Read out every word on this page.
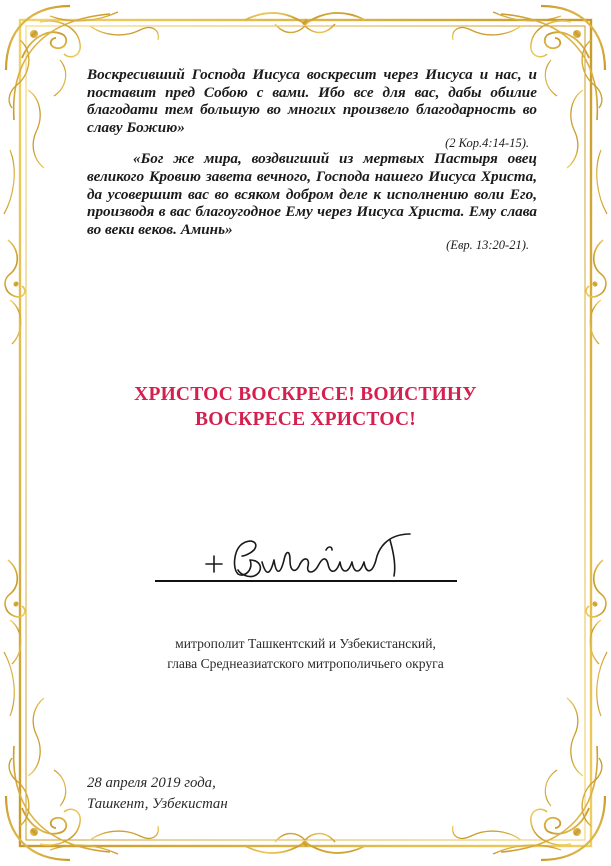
Воскресивший Господа Иисуса воскресит через Иисуса и нас, и поставит пред Собою с вами. Ибо все для вас, дабы обилие благодати тем большую во многих произвело благодарность во славу Божию»
(2 Кор.4:14-15).

«Бог же мира, воздвигший из мертвых Пастыря овец великого Кровию завета вечного, Господа нашего Иисуса Христа, да усовершит вас во всяком добром деле к исполнению воли Его, производя в вас благоугодное Ему через Иисуса Христа. Ему слава во веки веков. Аминь»
(Евр. 13:20-21).

ХРИСТОС ВОСКРЕСЕ! ВОИСТИНУ
ВОСКРЕСЕ ХРИСТОС!
митрополит Ташкентский и Узбекистанский,
глава Среднеазиатского митрополичьего округа
28 апреля 2019 года,
Ташкент, Узбекистан
